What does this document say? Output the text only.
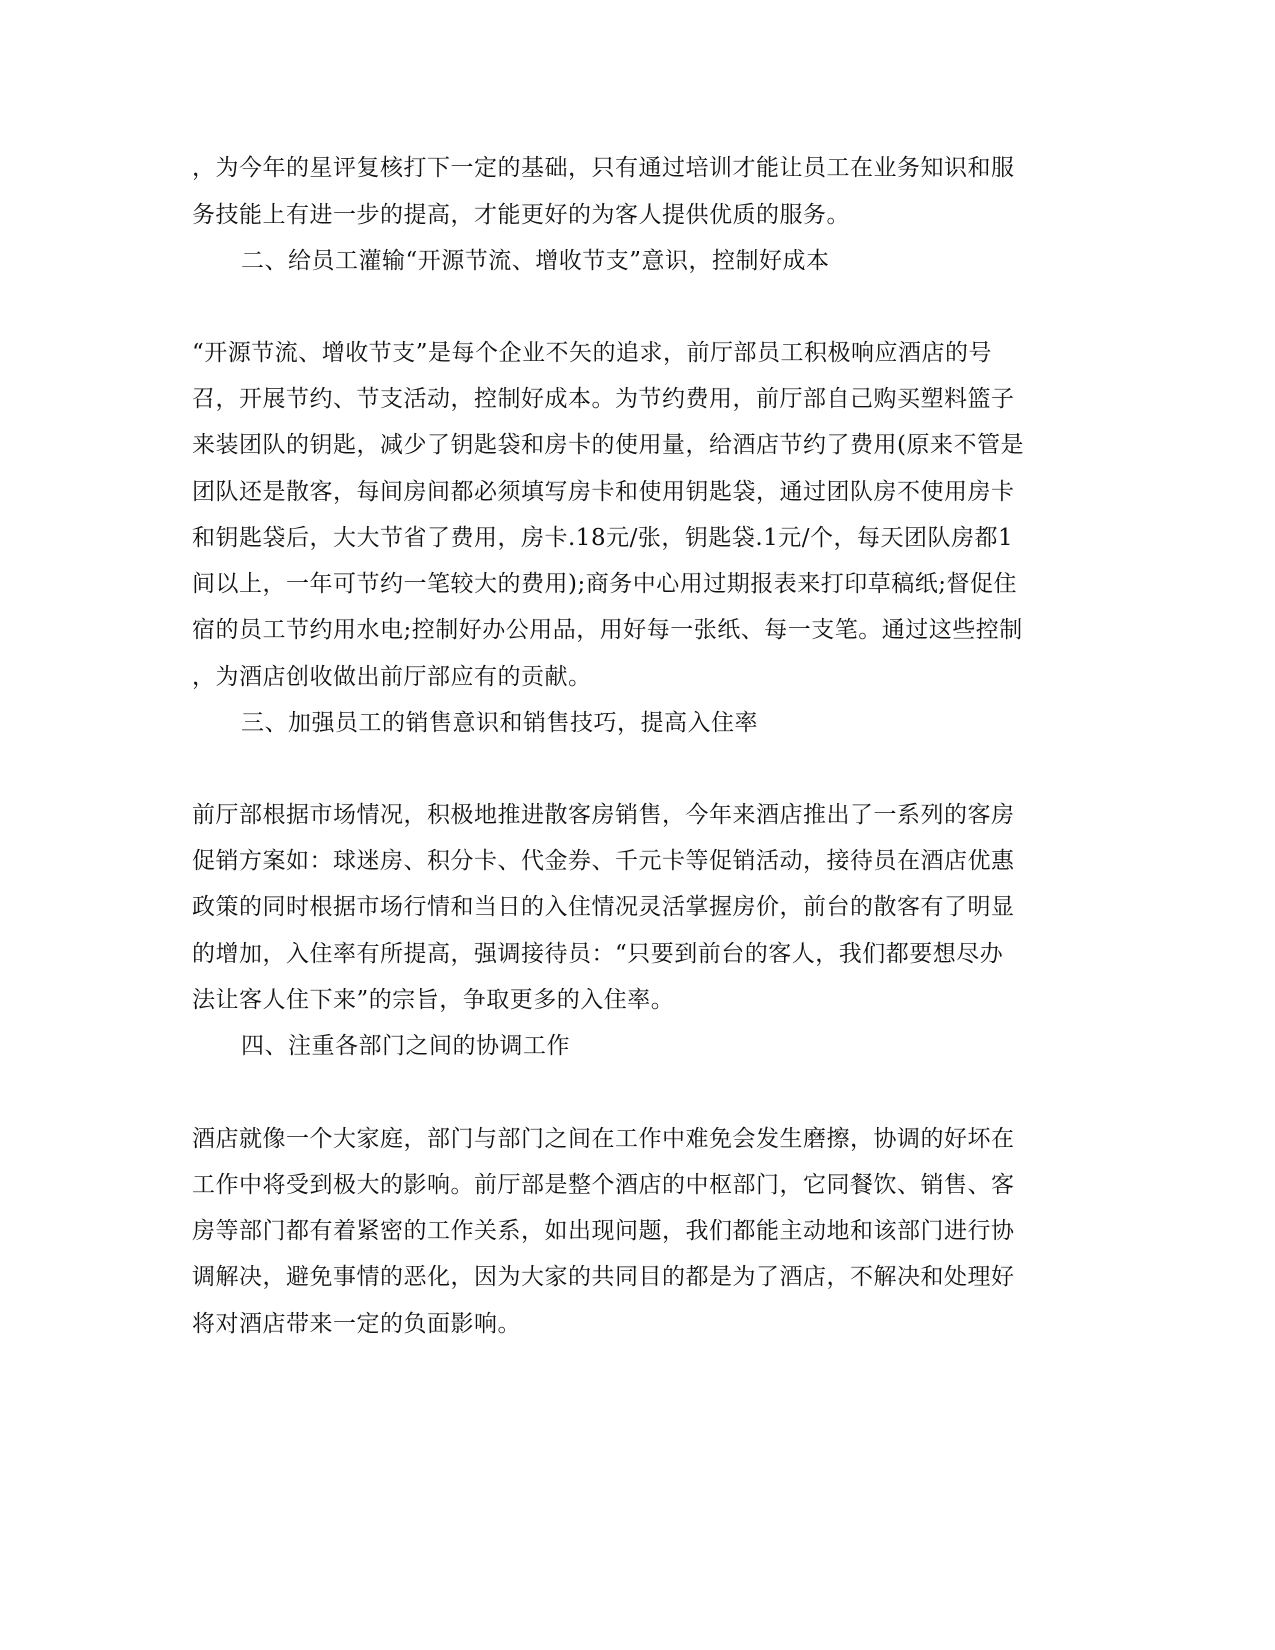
，为今年的星评复核打下一定的基础，只有通过培训才能让员工在业务知识和服
务技能上有进一步的提高，才能更好的为客人提供优质的服务。
二、给员工灌输“开源节流、增收节支”意识，控制好成本
“开源节流、增收节支”是每个企业不矢的追求，前厅部员工积极响应酒店的号
召，开展节约、节支活动，控制好成本。为节约费用，前厅部自己购买塑料篮子
来装团队的钥匙，减少了钥匙袋和房卡的使用量，给酒店节约了费用(原来不管是
团队还是散客，每间房间都必须填写房卡和使用钥匙袋，通过团队房不使用房卡
和钥匙袋后，大大节省了费用，房卡.18元/张，钥匙袋.1元/个，每天团队房都1
间以上，一年可节约一笔较大的费用);商务中心用过期报表来打印草稿纸;督促住
宿的员工节约用水电;控制好办公用品，用好每一张纸、每一支笔。通过这些控制
，为酒店创收做出前厅部应有的贡献。
三、加强员工的销售意识和销售技巧，提高入住率
前厅部根据市场情况，积极地推进散客房销售，今年来酒店推出了一系列的客房
促销方案如：球迷房、积分卡、代金券、千元卡等促销活动，接待员在酒店优惠
政策的同时根据市场行情和当日的入住情况灵活掌握房价，前台的散客有了明显
的增加，入住率有所提高，强调接待员：“只要到前台的客人，我们都要想尽办
法让客人住下来”的宗旨，争取更多的入住率。
四、注重各部门之间的协调工作
酒店就像一个大家庭，部门与部门之间在工作中难免会发生磨擦，协调的好坏在
工作中将受到极大的影响。前厅部是整个酒店的中枢部门，它同餐饮、销售、客
房等部门都有着紧密的工作关系，如出现问题，我们都能主动地和该部门进行协
调解决，避免事情的恶化，因为大家的共同目的都是为了酒店，不解决和处理好
将对酒店带来一定的负面影响。
